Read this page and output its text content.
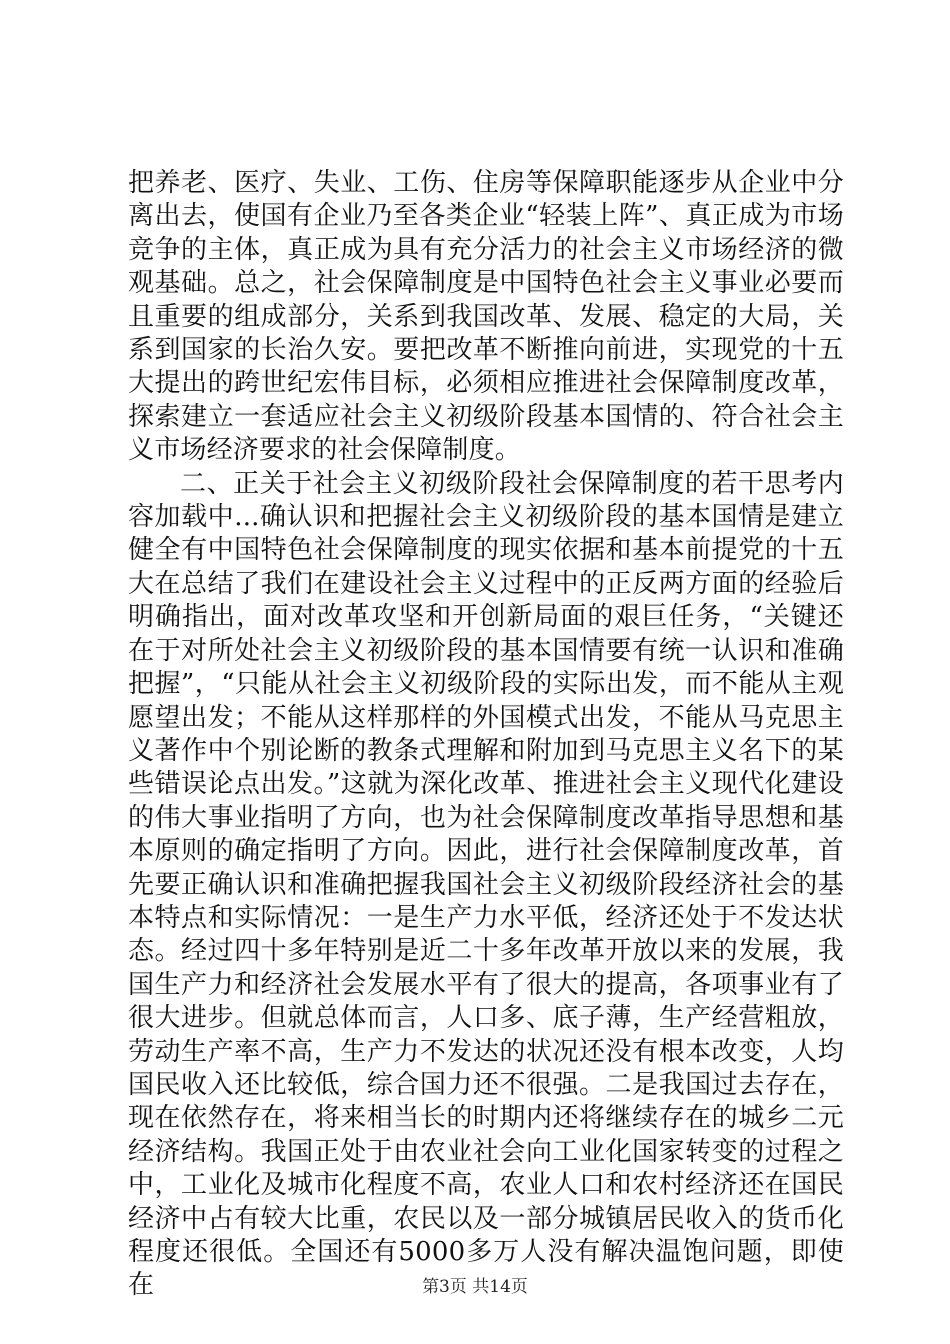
把养老、医疗、失业、工伤、住房等保障职能逐步从企业中分离出去，使国有企业乃至各类企业“轻装上阵”、真正成为市场竞争的主体，真正成为具有充分活力的社会主义市场经济的微观基础。总之，社会保障制度是中国特色社会主义事业必要而且重要的组成部分，关系到我国改革、发展、稳定的大局，关系到国家的长治久安。要把改革不断推向前进，实现党的十五大提出的跨世纪宏伟目标，必须相应推进社会保障制度改革，探索建立一套适应社会主义初级阶段基本国情的、符合社会主义市场经济要求的社会保障制度。

二、正关于社会主义初级阶段社会保障制度的若干思考内容加载中...确认识和把握社会主义初级阶段的基本国情是建立健全有中国特色社会保障制度的现实依据和基本前提党的十五大在总结了我们在建设社会主义过程中的正反两方面的经验后明确指出，面对改革攻坚和开创新局面的艰巨任务，“关键还在于对所处社会主义初级阶段的基本国情要有统一认识和准确把握”，“只能从社会主义初级阶段的实际出发，而不能从主观愿望出发；不能从这样那样的外国模式出发，不能从马克思主义著作中个别论断的教条式理解和附加到马克思主义名下的某些错误论点出发。”这就为深化改革、推进社会主义现代化建设的伟大事业指明了方向，也为社会保障制度改革指导思想和基本原则的确定指明了方向。因此，进行社会保障制度改革，首先要正确认识和准确把握我国社会主义初级阶段经济社会的基本特点和实际情况：一是生产力水平低，经济还处于不发达状态。经过四十多年特别是近二十多年改革开放以来的发展，我国生产力和经济社会发展水平有了很大的提高，各项事业有了很大进步。但就总体而言，人口多、底子薄，生产经营粗放，劳动生产率不高，生产力不发达的状况还没有根本改变，人均国民收入还比较低，综合国力还不很强。二是我国过去存在，现在依然存在，将来相当长的时期内还将继续存在的城乡二元经济结构。我国正处于由农业社会向工业化国家转变的过程之中，工业化及城市化程度不高，农业人口和农村经济还在国民经济中占有较大比重，农民以及一部分城镇居民收入的货币化程度还很低。全国还有5000多万人没有解决温饱问题，即使在	第3页 共14页
